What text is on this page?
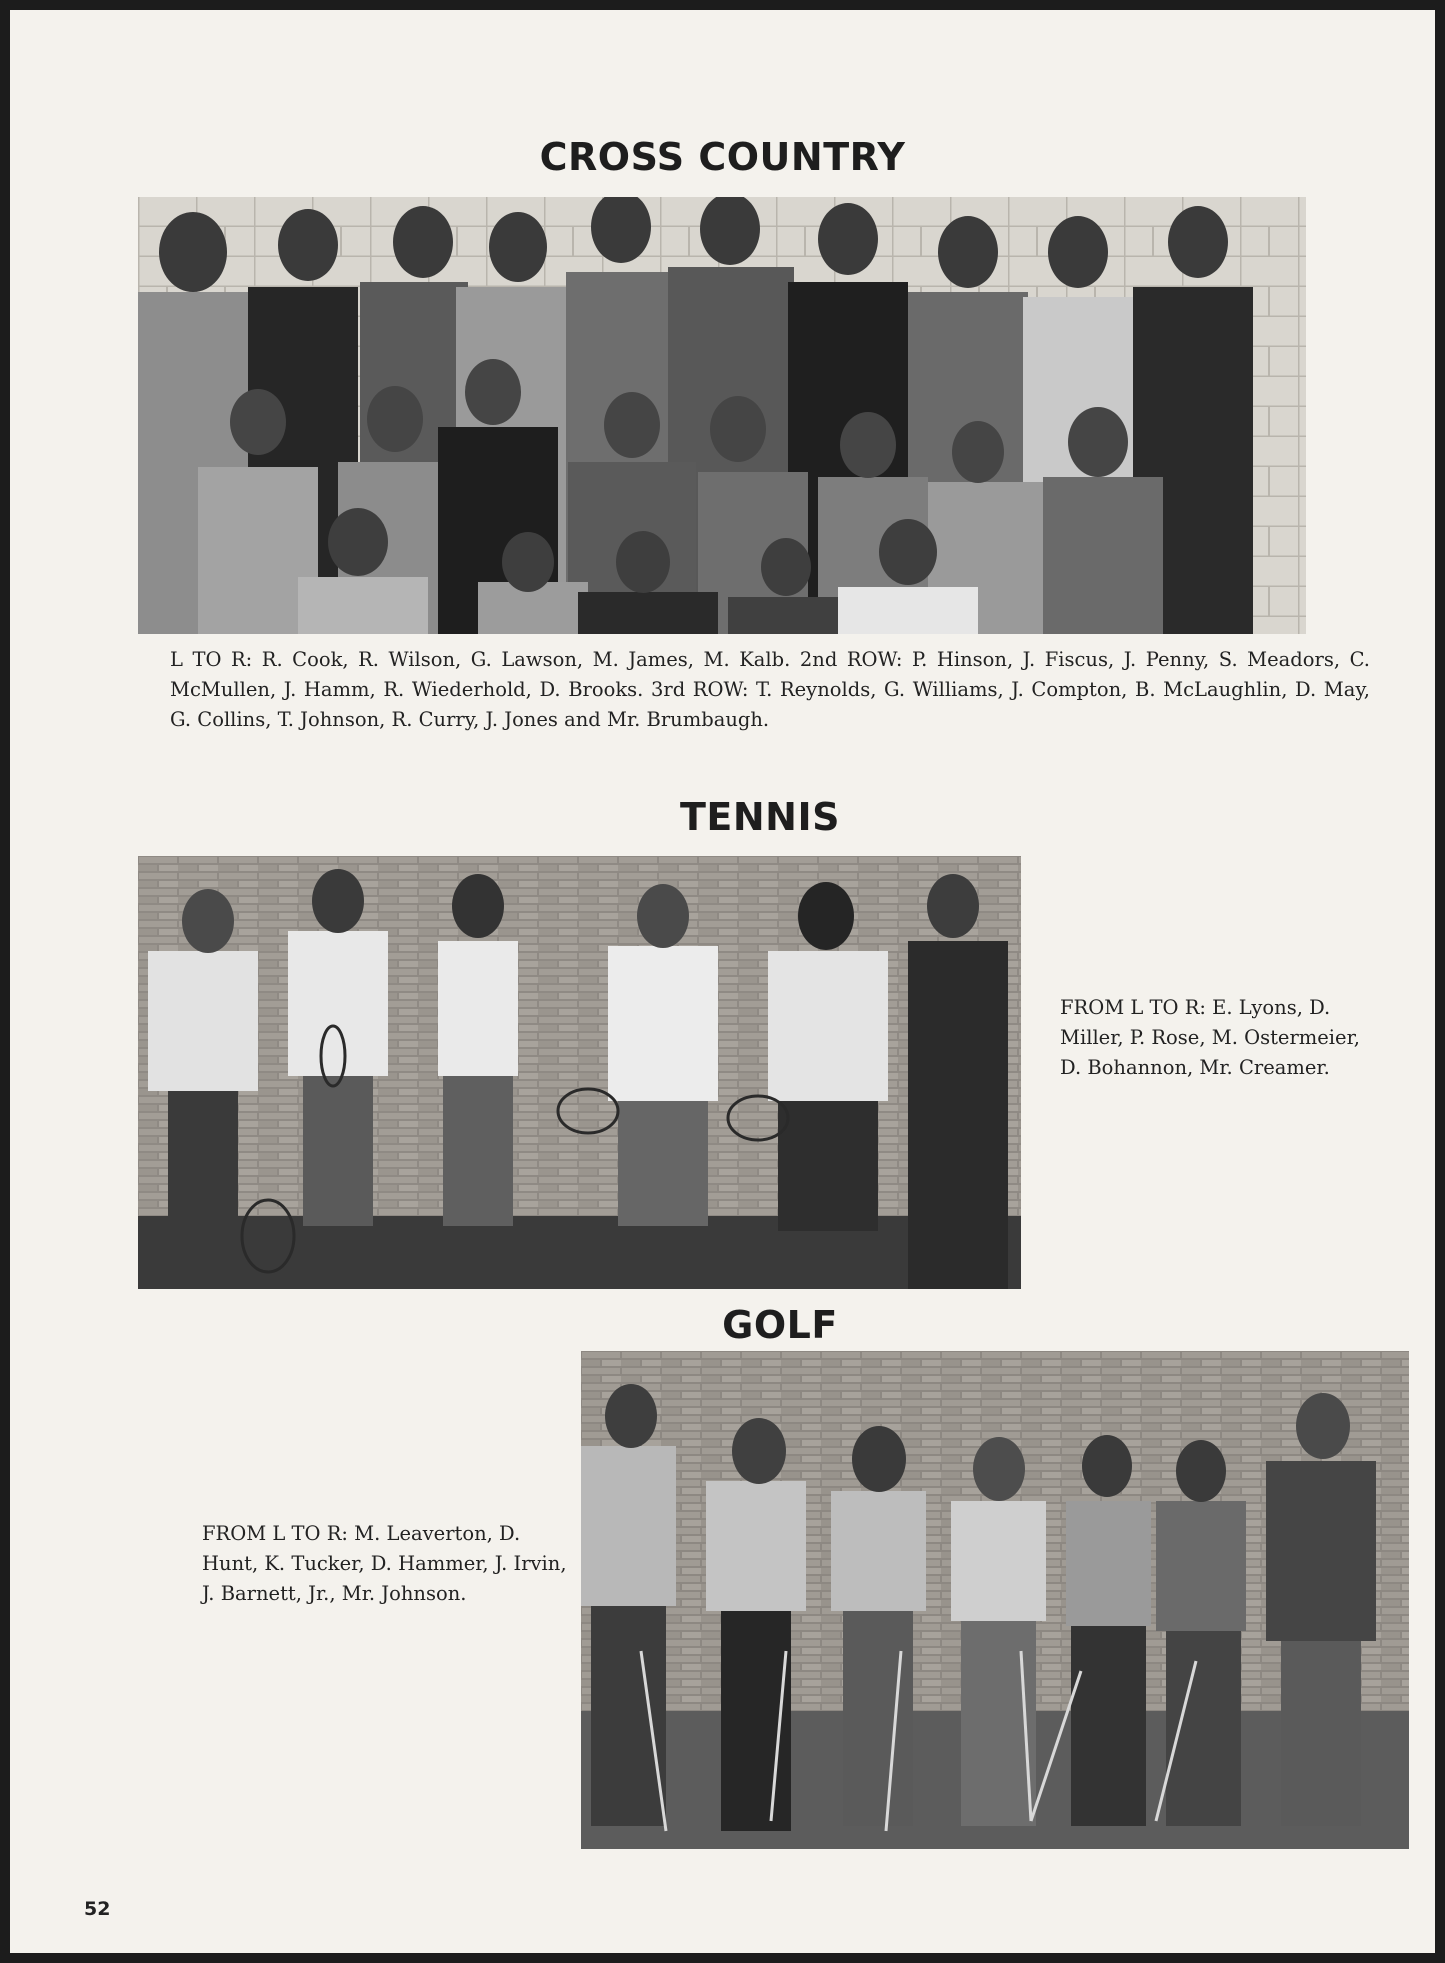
CROSS COUNTRY
L TO R: R. Cook, R. Wilson, G. Lawson, M. James, M. Kalb. 2nd ROW: P. Hinson, J. Fiscus, J. Penny, S. Meadors, C. McMullen, J. Hamm, R. Wiederhold, D. Brooks. 3rd ROW: T. Reynolds, G. Williams, J. Compton, B. McLaughlin, D. May, G. Collins, T. Johnson, R. Curry, J. Jones and Mr. Brumbaugh.
TENNIS
FROM L TO R: E. Lyons, D. Miller, P. Rose, M. Ostermeier, D. Bohannon, Mr. Creamer.
GOLF
FROM L TO R: M. Leaverton, D. Hunt, K. Tucker, D. Hammer, J. Irvin, J. Barnett, Jr., Mr. Johnson.
52
